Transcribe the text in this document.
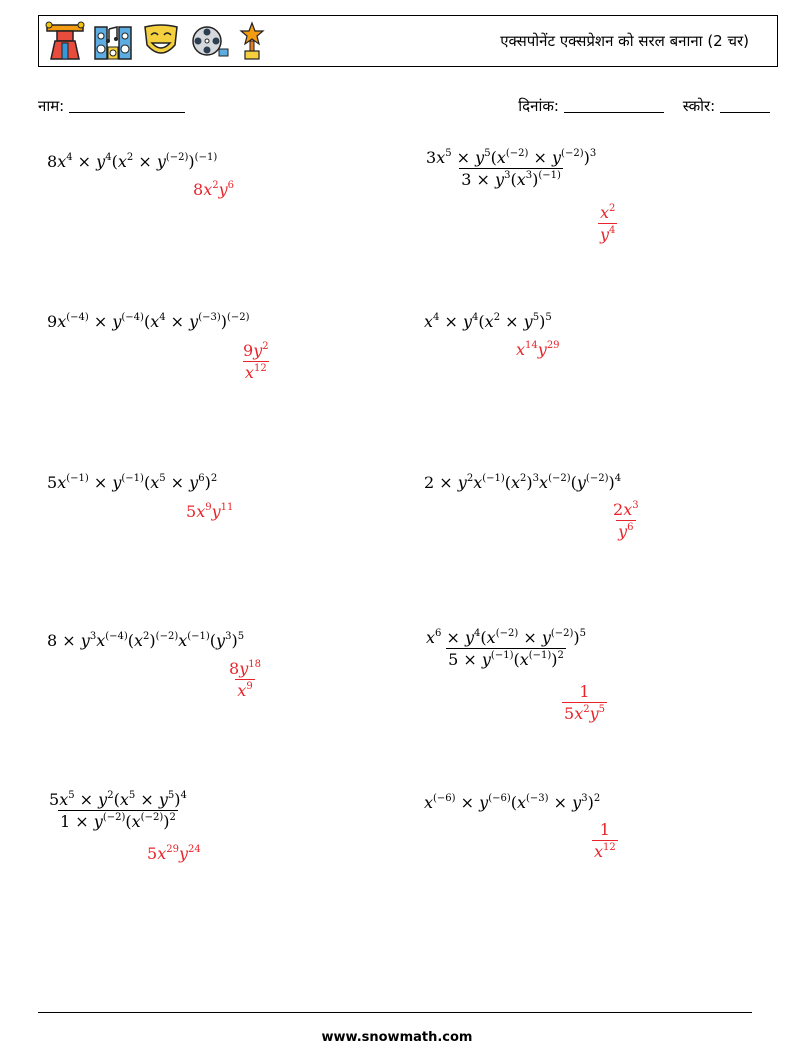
एक्सपोनेंट एक्सप्रेशन को सरल बनाना (2 चर)
नाम:	दिनांक:	स्कोर:
$8x^4 \times y^4(x^2 \times y^{(-2)})^{(-1)}$
$8x^2y^6$	$\frac{3x^5 \times y^5(x^{(-2)} \times y^{(-2)})^3}{3 \times y^3(x^3)^{(-1)}}$
$\frac{x^2}{y^4}$
$9x^{(-4)} \times y^{(-4)}(x^4 \times y^{(-3)})^{(-2)}$
$\frac{9y^2}{x^{12}}$
$x^4 \times y^4(x^2 \times y^5)^5$
$x^{14}y^{29}$
$5x^{(-1)} \times y^{(-1)}(x^5 \times y^6)^2$
$5x^9y^{11}$
$2 \times y^2x^{(-1)}(x^2)^3x^{(-2)}(y^{(-2)})^4$
$\frac{2x^3}{y^6}$
$8 \times y^3x^{(-4)}(x^2)^{(-2)}x^{(-1)}(y^3)^5$
$\frac{8y^{18}}{x^9}$
$\frac{x^6 \times y^4(x^{(-2)} \times y^{(-2)})^5}{5 \times y^{(-1)}(x^{(-1)})^2}$
$\frac{1}{5x^2y^5}$
$\frac{5x^5 \times y^2(x^5 \times y^5)^4}{1 \times y^{(-2)}(x^{(-2)})^2}$
$5x^{29}y^{24}$
$x^{(-6)} \times y^{(-6)}(x^{(-3)} \times y^3)^2$
$\frac{1}{x^{12}}$
www.snowmath.com
